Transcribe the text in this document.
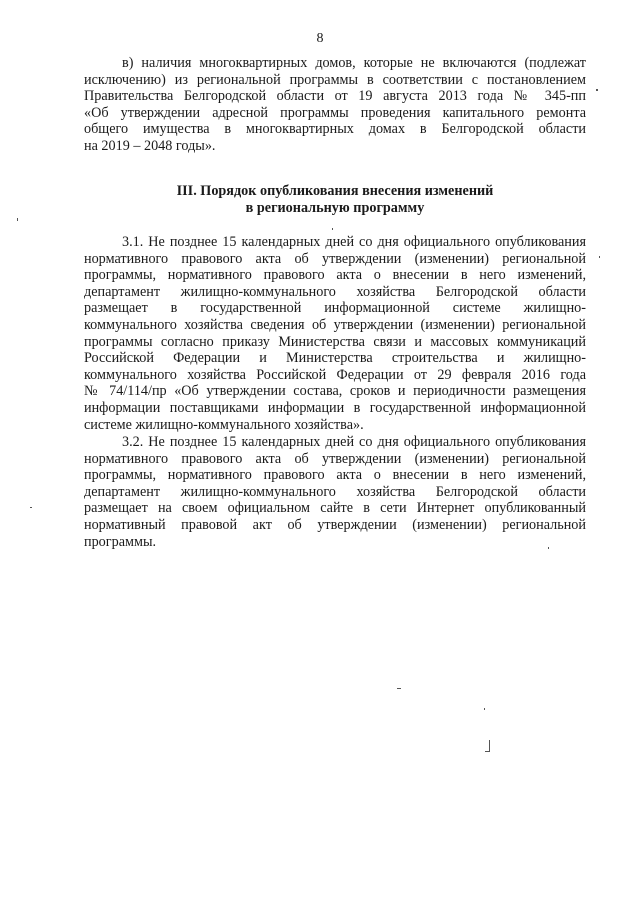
8
в) наличия многоквартирных домов, которые не включаются (подлежат
исключению) из региональной программы в соответствии с постановлением
Правительства Белгородской области от 19 августа 2013 года № 345-пп
«Об утверждении адресной программы проведения капитального ремонта
общего имущества в многоквартирных домах в Белгородской области
на 2019 – 2048 годы».
III. Порядок опубликования внесения изменений
в региональную программу
3.1. Не позднее 15 календарных дней со дня официального опубликования
нормативного правового акта об утверждении (изменении) региональной
программы, нормативного правового акта о внесении в него изменений,
департамент жилищно-коммунального хозяйства Белгородской области
размещает в государственной информационной системе жилищно-
коммунального хозяйства сведения об утверждении (изменении) региональной
программы согласно приказу Министерства связи и массовых коммуникаций
Российской Федерации и Министерства строительства и жилищно-
коммунального хозяйства Российской Федерации от 29 февраля 2016 года
№ 74/114/пр «Об утверждении состава, сроков и периодичности размещения
информации поставщиками информации в государственной информационной
системе жилищно-коммунального хозяйства».
3.2. Не позднее 15 календарных дней со дня официального опубликования
нормативного правового акта об утверждении (изменении) региональной
программы, нормативного правового акта о внесении в него изменений,
департамент жилищно-коммунального хозяйства Белгородской области
размещает на своем официальном сайте в сети Интернет опубликованный
нормативный правовой акт об утверждении (изменении) региональной
программы.
